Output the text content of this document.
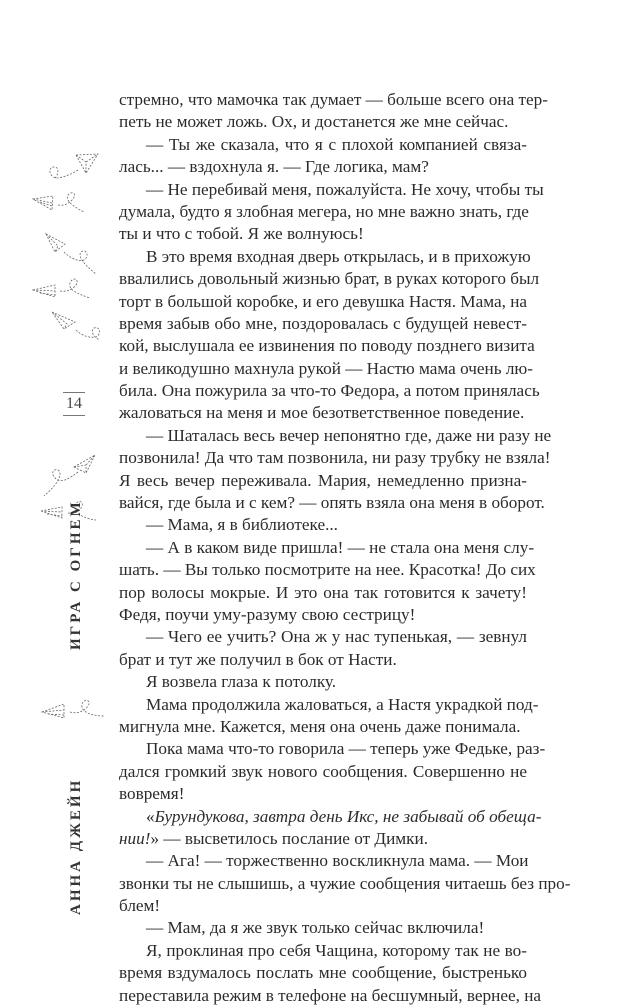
14
ИГРА С ОГНЕМ
АННА ДЖЕЙН
стремно, что мамочка так думает — больше всего она тер-
петь не может ложь. Ох, и достанется же мне сейчас.
— Ты же сказала, что я с плохой компанией связа-
лась... — вздохнула я. — Где логика, мам?
— Не перебивай меня, пожалуйста. Не хочу, чтобы ты
думала, будто я злобная мегера, но мне важно знать, где
ты и что с тобой. Я же волнуюсь!
В это время входная дверь открылась, и в прихожую
ввалились довольный жизнью брат, в руках которого был
торт в большой коробке, и его девушка Настя. Мама, на
время забыв обо мне, поздоровалась с будущей невест-
кой, выслушала ее извинения по поводу позднего визита
и великодушно махнула рукой — Настю мама очень лю-
била. Она пожурила за что-то Федора, а потом принялась
жаловаться на меня и мое безответственное поведение.
— Шаталась весь вечер непонятно где, даже ни разу не
позвонила! Да что там позвонила, ни разу трубку не взяла!
Я весь вечер переживала. Мария, немедленно призна-
вайся, где была и с кем? — опять взяла она меня в оборот.
— Мама, я в библиотеке...
— А в каком виде пришла! — не стала она меня слу-
шать. — Вы только посмотрите на нее. Красотка! До сих
пор волосы мокрые. И это она так готовится к зачету!
Федя, поучи уму-разуму свою сестрицу!
— Чего ее учить? Она ж у нас тупенькая, — зевнул
брат и тут же получил в бок от Насти.
Я возвела глаза к потолку.
Мама продолжила жаловаться, а Настя украдкой под-
мигнула мне. Кажется, меня она очень даже понимала.
Пока мама что-то говорила — теперь уже Федьке, раз-
дался громкий звук нового сообщения. Совершенно не
вовремя!
«Бурундукова, завтра день Икс, не забывай об обеща-
нии!» — высветилось послание от Димки.
— Ага! — торжественно воскликнула мама. — Мои
звонки ты не слышишь, а чужие сообщения читаешь без про-
блем!
— Мам, да я же звук только сейчас включила!
Я, проклиная про себя Чащина, которому так не во-
время вздумалось послать мне сообщение, быстренько
переставила режим в телефоне на бесшумный, вернее, на
